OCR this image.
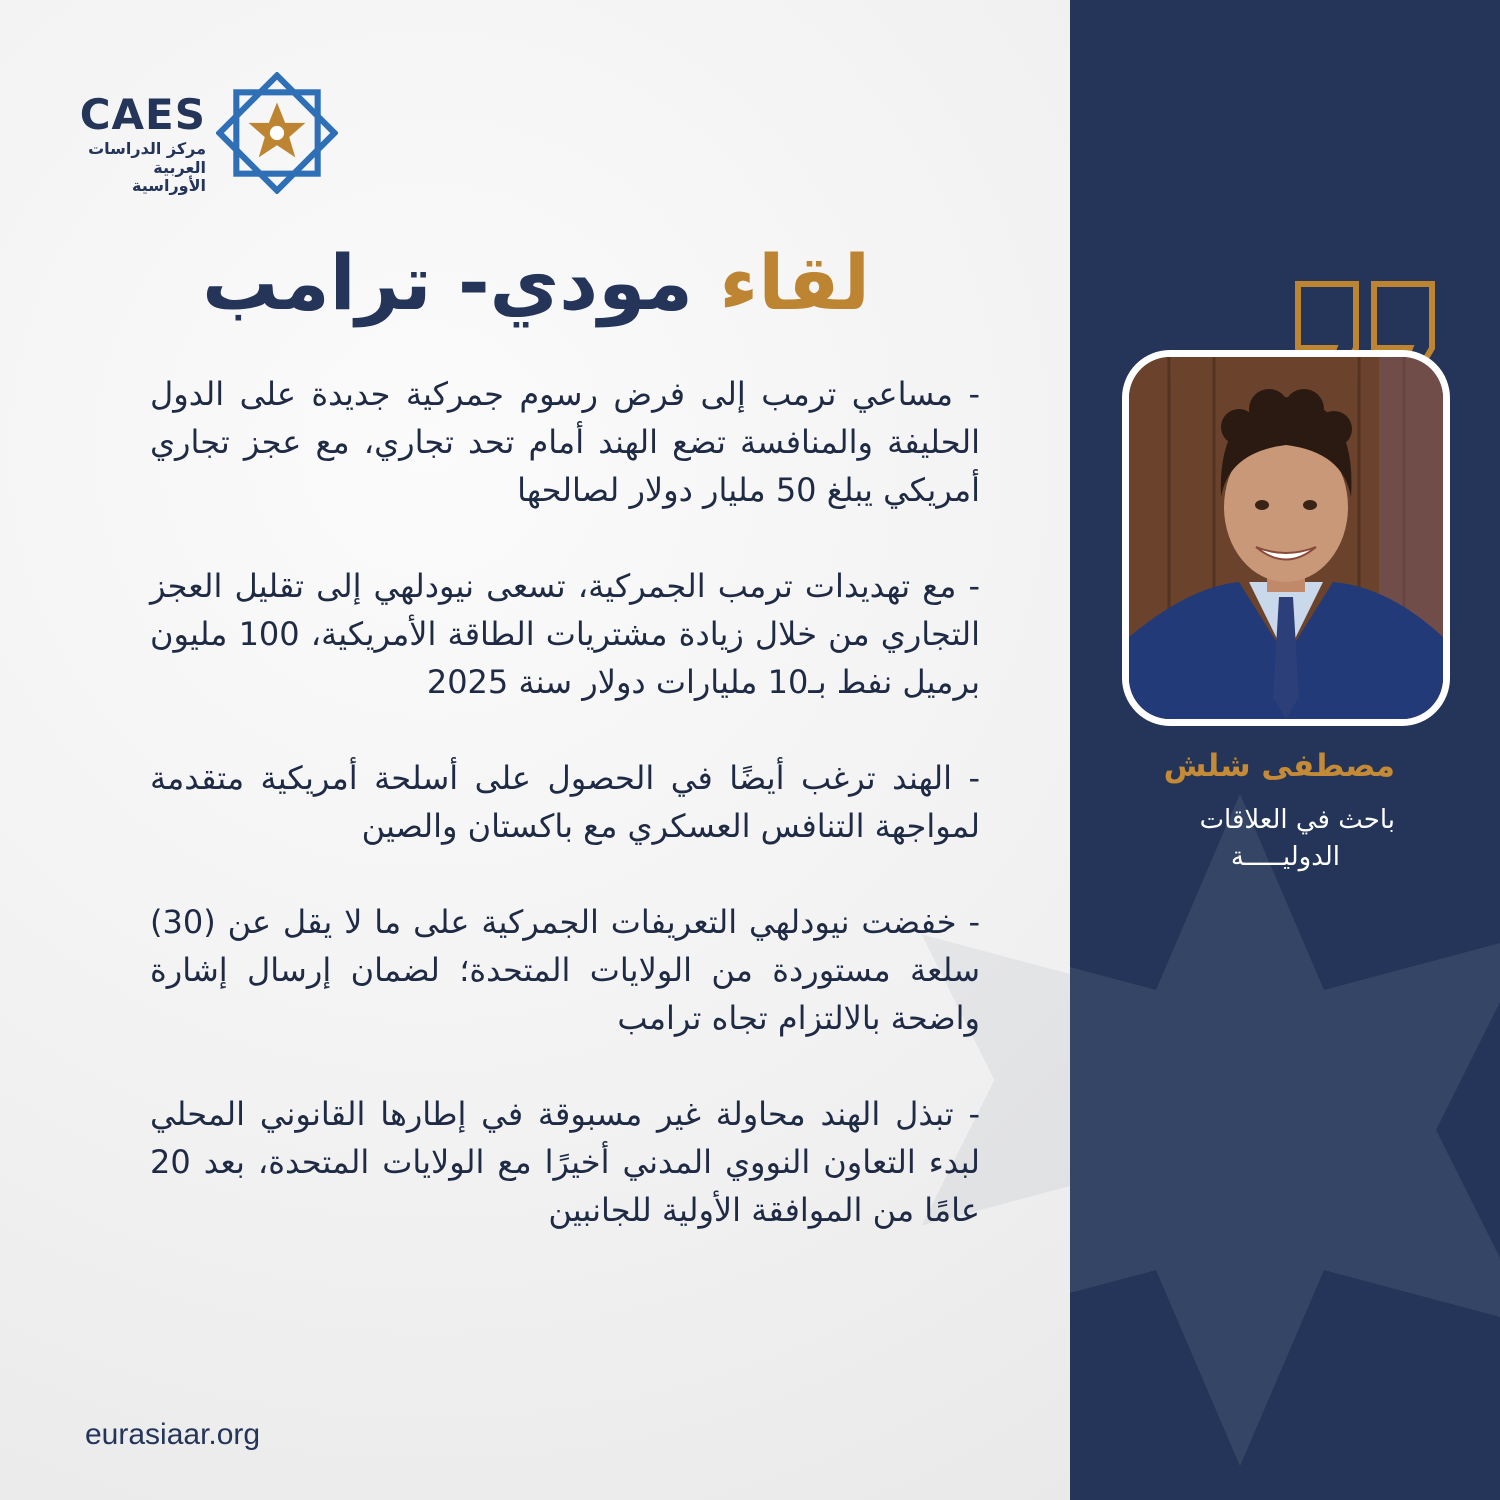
CAES
مركز الدراسات
العربية الأوراسية
لقاء مودي- ترامب

- مساعي ترمب إلى فرض رسوم جمركية جديدة على الدول الحليفة والمنافسة تضع الهند أمام تحد تجاري، مع عجز تجاري أمريكي يبلغ 50 مليار دولار لصالحها

- مع تهديدات ترمب الجمركية، تسعى نيودلهي إلى تقليل العجز التجاري من خلال زيادة مشتريات الطاقة الأمريكية، 100 مليون برميل نفط بـ10 مليارات دولار سنة 2025

- الهند ترغب أيضًا في الحصول على أسلحة أمريكية متقدمة لمواجهة التنافس العسكري مع باكستان والصين

- خفضت نيودلهي التعريفات الجمركية على ما لا يقل عن (30) سلعة مستوردة من الولايات المتحدة؛ لضمان إرسال إشارة واضحة بالالتزام تجاه ترامب

- تبذل الهند محاولة غير مسبوقة في إطارها القانوني المحلي لبدء التعاون النووي المدني أخيرًا مع الولايات المتحدة، بعد 20 عامًا من الموافقة الأولية للجانبين

eurasiaar.org
مصطفى شلش
باحث في العلاقات
الدوليـــــة
